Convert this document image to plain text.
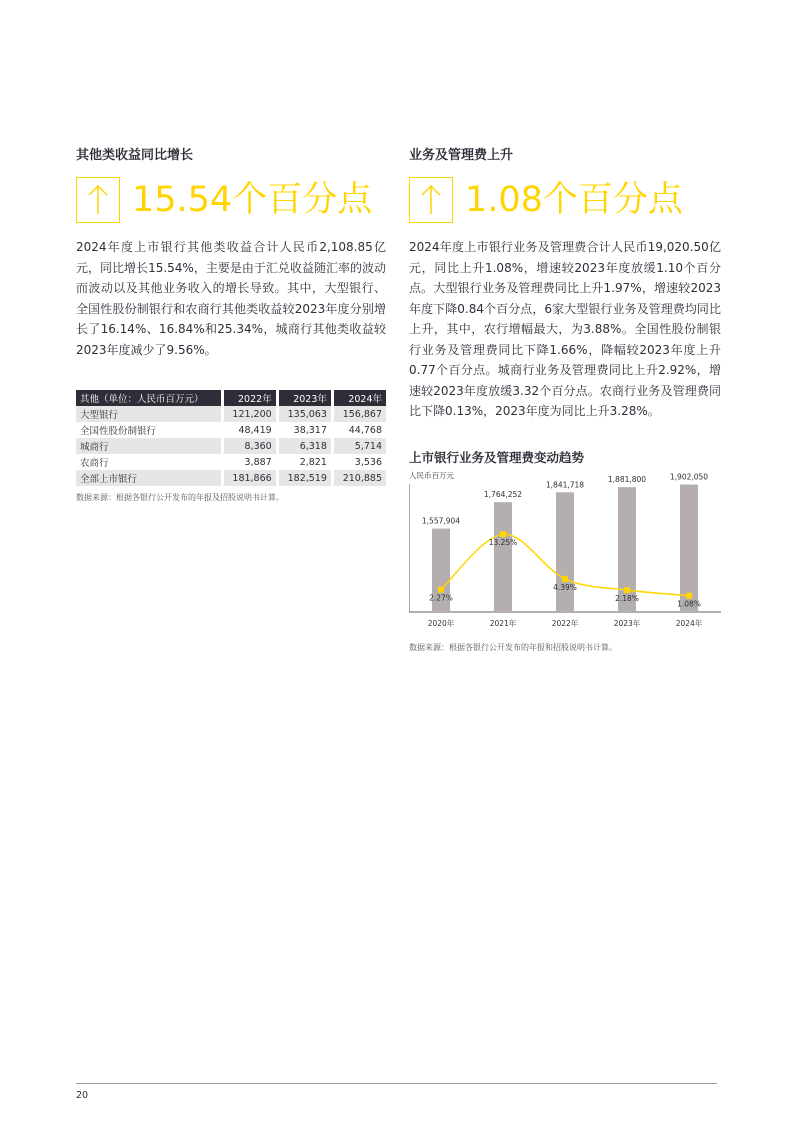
其他类收益同比增长
15.54个百分点
2024年度上市银行其他类收益合计人民币2,108.85亿元，同比增长15.54%，主要是由于汇兑收益随汇率的波动而波动以及其他业务收入的增长导致。其中，大型银行、全国性股份制银行和农商行其他类收益较2023年度分别增长了16.14%、16.84%和25.34%，城商行其他类收益较2023年度减少了9.56%。
其他（单位：人民币百万元）	2022年	2023年	2024年
大型银行	121,200	135,063	156,867
全国性股份制银行	48,419	38,317	44,768
城商行	8,360	6,318	5,714
农商行	3,887	2,821	3,536
全部上市银行	181,866	182,519	210,885
数据来源：根据各银行公开发布的年报及招股说明书计算。
业务及管理费上升
1.08个百分点
2024年度上市银行业务及管理费合计人民币19,020.50亿元，同比上升1.08%，增速较2023年度放缓1.10个百分点。大型银行业务及管理费同比上升1.97%，增速较2023年度下降0.84个百分点，6家大型银行业务及管理费均同比上升，其中，农行增幅最大，为3.88%。全国性股份制银行业务及管理费同比下降1.66%，降幅较2023年度上升0.77个百分点。城商行业务及管理费同比上升2.92%，增速较2023年度放缓3.32个百分点。农商行业务及管理费同比下降0.13%，2023年度为同比上升3.28%。
上市银行业务及管理费变动趋势
人民币百万元
1,557,904
2020年
1,764,252
2021年
1,841,718
2022年
1,881,800
2023年
1,902,050
2024年
2.27%
13.25%
4.39%
2.18%
1.08%
数据来源：根据各银行公开发布的年报和招股说明书计算。
20
